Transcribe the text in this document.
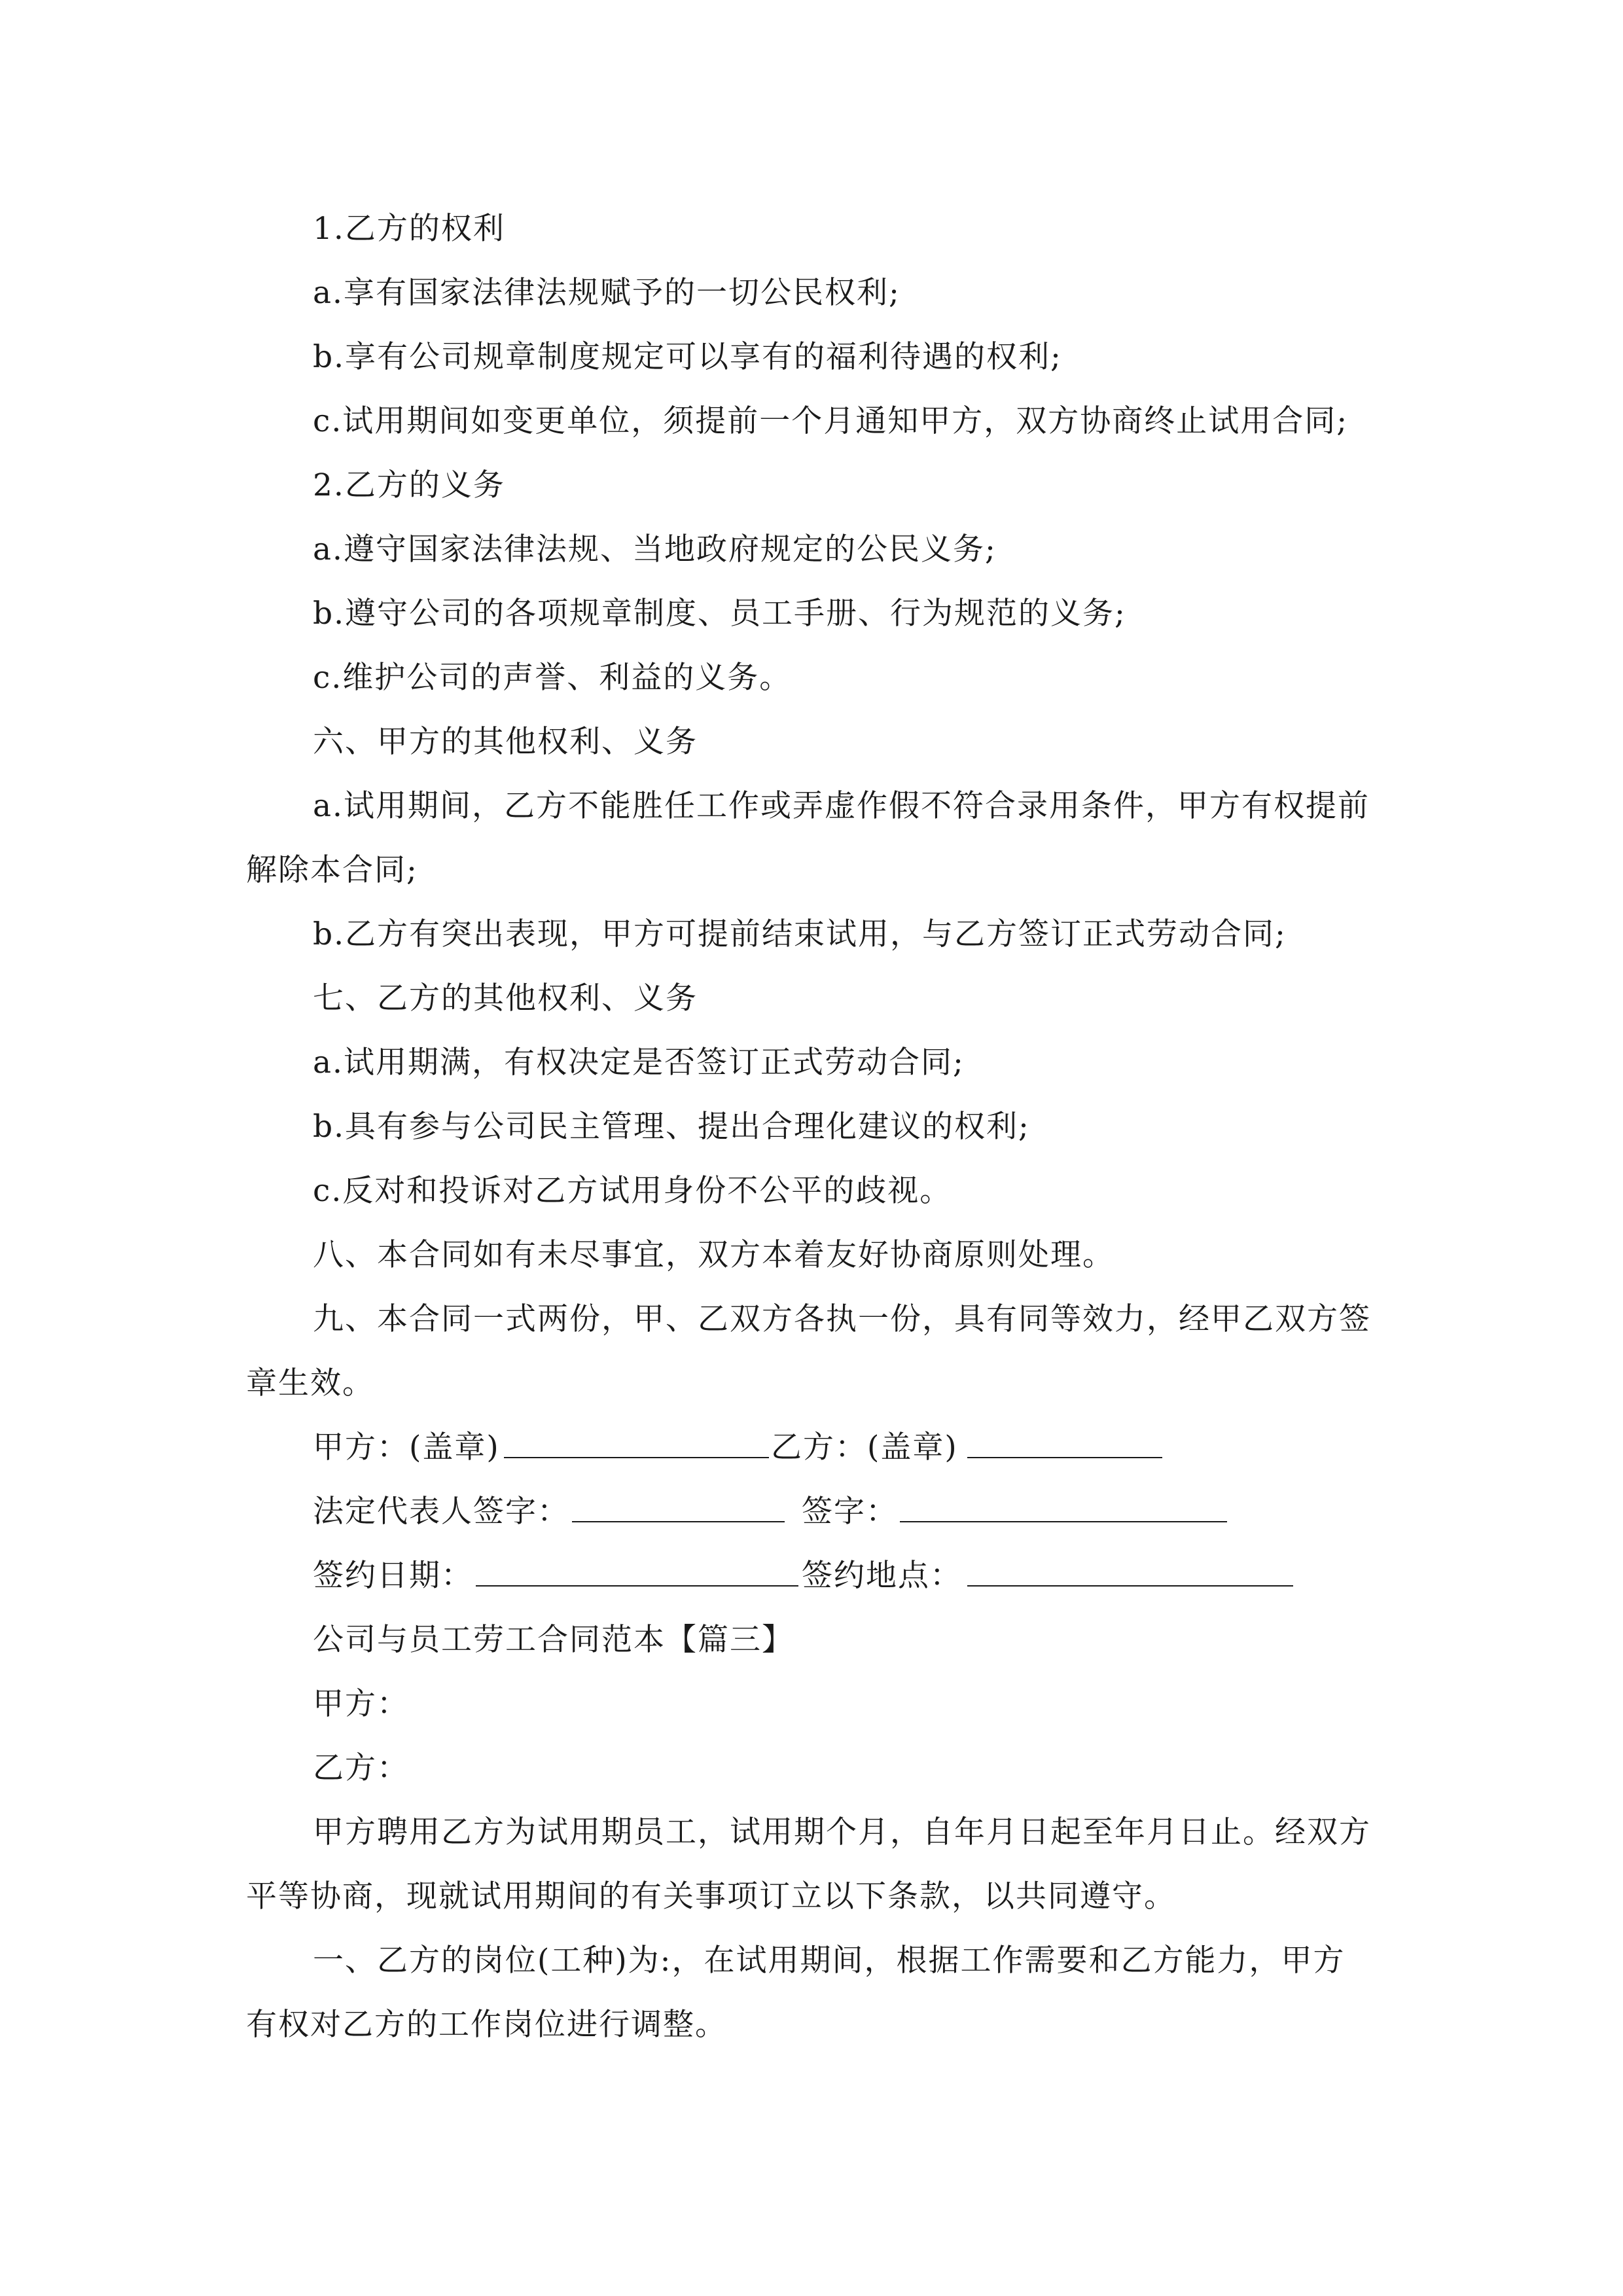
1.乙方的权利
a.享有国家法律法规赋予的一切公民权利;
b.享有公司规章制度规定可以享有的福利待遇的权利;
c.试用期间如变更单位，须提前一个月通知甲方，双方协商终止试用合同;
2.乙方的义务
a.遵守国家法律法规、当地政府规定的公民义务;
b.遵守公司的各项规章制度、员工手册、行为规范的义务;
c.维护公司的声誉、利益的义务。
六、甲方的其他权利、义务
a.试用期间，乙方不能胜任工作或弄虚作假不符合录用条件，甲方有权提前
解除本合同;
b.乙方有突出表现，甲方可提前结束试用，与乙方签订正式劳动合同;
七、乙方的其他权利、义务
a.试用期满，有权决定是否签订正式劳动合同;
b.具有参与公司民主管理、提出合理化建议的权利;
c.反对和投诉对乙方试用身份不公平的歧视。
八、本合同如有未尽事宜，双方本着友好协商原则处理。
九、本合同一式两份，甲、乙双方各执一份，具有同等效力，经甲乙双方签
章生效。
甲方：(盖章)	乙方：(盖章)
法定代表人签字：	签字：
签约日期：	签约地点：
公司与员工劳工合同范本【篇三】
甲方：
乙方：
甲方聘用乙方为试用期员工，试用期个月，自年月日起至年月日止。经双方
平等协商，现就试用期间的有关事项订立以下条款，以共同遵守。
一、乙方的岗位(工种)为:，在试用期间，根据工作需要和乙方能力，甲方
有权对乙方的工作岗位进行调整。
